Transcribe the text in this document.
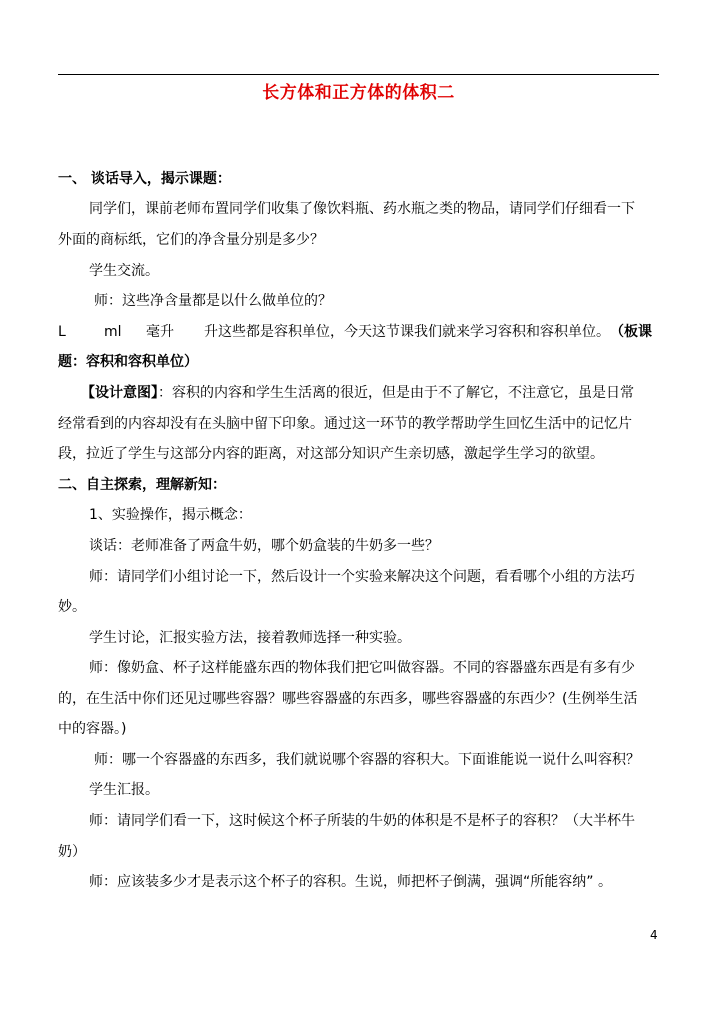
长方体和正方体的体积二
一、 谈话导入，揭示课题：
同学们，课前老师布置同学们收集了像饮料瓶、药水瓶之类的物品，请同学们仔细看一下
外面的商标纸，它们的净含量分别是多少？
学生交流。
师：这些净含量都是以什么做单位的？
L	ml 毫升 升这些都是容积单位，今天这节课我们就来学习容积和容积单位。 （板课
题：容积和容积单位）
【设计意图】：容积的内容和学生生活离的很近，但是由于不了解它，不注意它，虽是日常
经常看到的内容却没有在头脑中留下印象。通过这一环节的教学帮助学生回忆生活中的记忆片
段，拉近了学生与这部分内容的距离，对这部分知识产生亲切感，激起学生学习的欲望。
二、自主探索，理解新知：
1、实验操作，揭示概念：
谈话：老师准备了两盒牛奶，哪个奶盒装的牛奶多一些？
师：请同学们小组讨论一下，然后设计一个实验来解决这个问题，看看哪个小组的方法巧
妙。
学生讨论，汇报实验方法，接着教师选择一种实验。
师：像奶盒、杯子这样能盛东西的物体我们把它叫做容器。不同的容器盛东西是有多有少
的，在生活中你们还见过哪些容器？哪些容器盛的东西多，哪些容器盛的东西少？(生例举生活
中的容器。)
师：哪一个容器盛的东西多，我们就说哪个容器的容积大。下面谁能说一说什么叫容积？
学生汇报。
师：请同学们看一下，这时候这个杯子所装的牛奶的体积是不是杯子的容积？（大半杯牛
奶）
师：应该装多少才是表示这个杯子的容积。生说，师把杯子倒满，强调“所能容纳” 。
4
